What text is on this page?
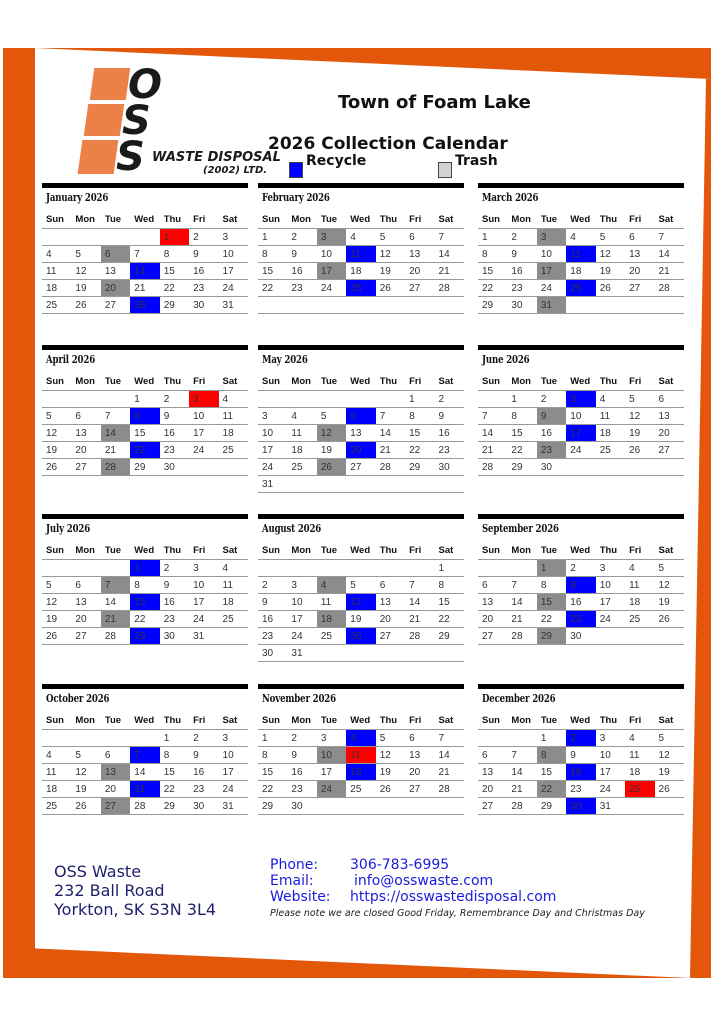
O
S
S WASTE DISPOSAL
(2002) LTD.
Town of Foam Lake
2026 Collection Calendar
Recycle	Trash
January 2026
Sun	Mon	Tue	Wed	Thu	Fri	Sat
				1	2	3
4	5	6	7	8	9	10
11	12	13	14	15	16	17
18	19	20	21	22	23	24
25	26	27	28	29	30	31
February 2026
Sun	Mon	Tue	Wed	Thu	Fri	Sat
1	2	3	4	5	6	7
8	9	10	11	12	13	14
15	16	17	18	19	20	21
22	23	24	25	26	27	28

March 2026
Sun	Mon	Tue	Wed	Thu	Fri	Sat
1	2	3	4	5	6	7
8	9	10	11	12	13	14
15	16	17	18	19	20	21
22	23	24	25	26	27	28
29	30	31				
April 2026
Sun	Mon	Tue	Wed	Thu	Fri	Sat
			1	2	3	4
5	6	7	8	9	10	11
12	13	14	15	16	17	18
19	20	21	22	23	24	25
26	27	28	29	30		
May 2026
Sun	Mon	Tue	Wed	Thu	Fri	Sat
					1	2
3	4	5	6	7	8	9
10	11	12	13	14	15	16
17	18	19	20	21	22	23
24	25	26	27	28	29	30
31						
June 2026
Sun	Mon	Tue	Wed	Thu	Fri	Sat
	1	2	3	4	5	6
7	8	9	10	11	12	13
14	15	16	17	18	19	20
21	22	23	24	25	26	27
28	29	30				
July 2026
Sun	Mon	Tue	Wed	Thu	Fri	Sat
			1	2	3	4
5	6	7	8	9	10	11
12	13	14	15	16	17	18
19	20	21	22	23	24	25
26	27	28	29	30	31	
August 2026
Sun	Mon	Tue	Wed	Thu	Fri	Sat
						1
2	3	4	5	6	7	8
9	10	11	12	13	14	15
16	17	18	19	20	21	22
23	24	25	26	27	28	29
30	31					
September 2026
Sun	Mon	Tue	Wed	Thu	Fri	Sat
		1	2	3	4	5
6	7	8	9	10	11	12
13	14	15	16	17	18	19
20	21	22	23	24	25	26
27	28	29	30			
October 2026
Sun	Mon	Tue	Wed	Thu	Fri	Sat
				1	2	3
4	5	6	7	8	9	10
11	12	13	14	15	16	17
18	19	20	21	22	23	24
25	26	27	28	29	30	31
November 2026
Sun	Mon	Tue	Wed	Thu	Fri	Sat
1	2	3	4	5	6	7
8	9	10	11	12	13	14
15	16	17	18	19	20	21
22	23	24	25	26	27	28
29	30					
December 2026
Sun	Mon	Tue	Wed	Thu	Fri	Sat
		1	2	3	4	5
6	7	8	9	10	11	12
13	14	15	16	17	18	19
20	21	22	23	24	25	26
27	28	29	30	31		
OSS Waste
232 Ball Road
Yorkton, SK S3N 3L4
Phone: 306-783-6995
Email:	info@osswaste.com
Website: https://osswastedisposal.com
Please note we are closed Good Friday, Remembrance Day and Christmas Day
